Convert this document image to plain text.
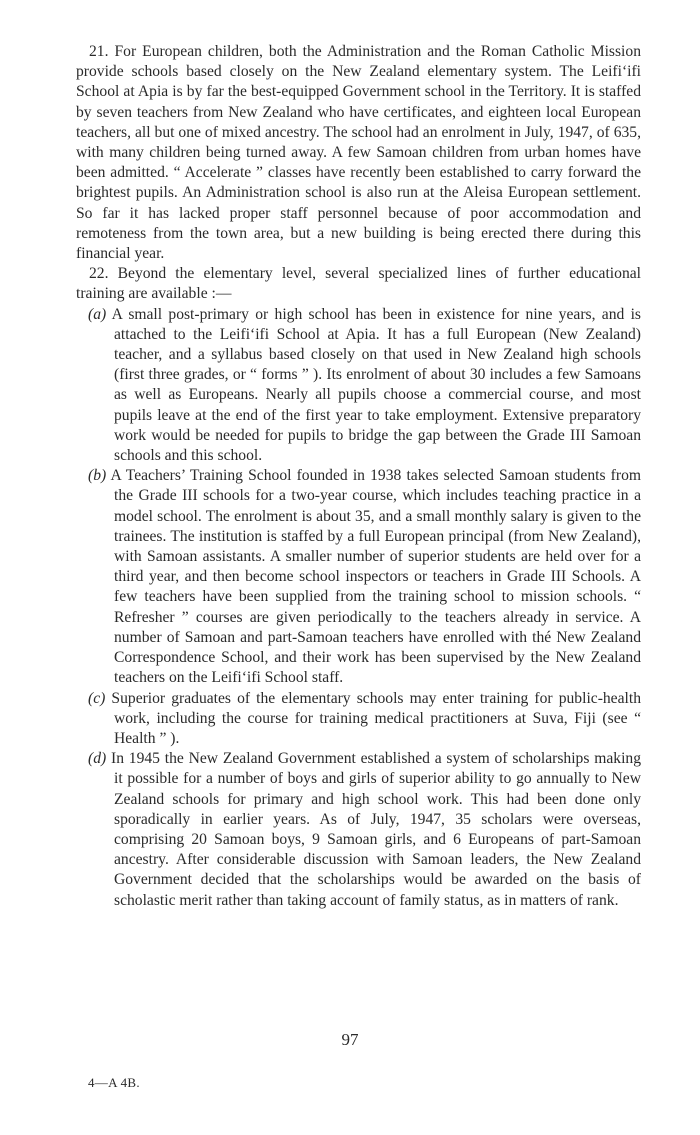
21. For European children, both the Administration and the Roman Catholic Mission provide schools based closely on the New Zealand elementary system. The Leifi‘ifi School at Apia is by far the best-equipped Government school in the Territory. It is staffed by seven teachers from New Zealand who have certificates, and eighteen local European teachers, all but one of mixed ancestry. The school had an enrolment in July, 1947, of 635, with many children being turned away. A few Samoan children from urban homes have been admitted. “ Accelerate ” classes have recently been established to carry forward the brightest pupils. An Administration school is also run at the Aleisa European settlement. So far it has lacked proper staff personnel because of poor accommodation and remoteness from the town area, but a new building is being erected there during this financial year.

22. Beyond the elementary level, several specialized lines of further educational training are available :—

(a) A small post-primary or high school has been in existence for nine years, and is attached to the Leifi‘ifi School at Apia. It has a full European (New Zealand) teacher, and a syllabus based closely on that used in New Zealand high schools (first three grades, or “ forms ” ). Its enrolment of about 30 includes a few Samoans as well as Europeans. Nearly all pupils choose a commercial course, and most pupils leave at the end of the first year to take employment. Extensive preparatory work would be needed for pupils to bridge the gap between the Grade III Samoan schools and this school.

(b) A Teachers’ Training School founded in 1938 takes selected Samoan students from the Grade III schools for a two-year course, which includes teaching practice in a model school. The enrolment is about 35, and a small monthly salary is given to the trainees. The institution is staffed by a full European principal (from New Zealand), with Samoan assistants. A smaller number of superior students are held over for a third year, and then become school inspectors or teachers in Grade III Schools. A few teachers have been supplied from the training school to mission schools. “ Refresher ” courses are given periodically to the teachers already in service. A number of Samoan and part-Samoan teachers have enrolled with thé New Zealand Correspondence School, and their work has been supervised by the New Zealand teachers on the Leifi‘ifi School staff.

(c) Superior graduates of the elementary schools may enter training for public-health work, including the course for training medical practitioners at Suva, Fiji (see “ Health ” ).

(d) In 1945 the New Zealand Government established a system of scholarships making it possible for a number of boys and girls of superior ability to go annually to New Zealand schools for primary and high school work. This had been done only sporadically in earlier years. As of July, 1947, 35 scholars were overseas, comprising 20 Samoan boys, 9 Samoan girls, and 6 Europeans of part-Samoan ancestry. After considerable discussion with Samoan leaders, the New Zealand Government decided that the scholarships would be awarded on the basis of scholastic merit rather than taking account of family status, as in matters of rank.

97
4—A 4B.
